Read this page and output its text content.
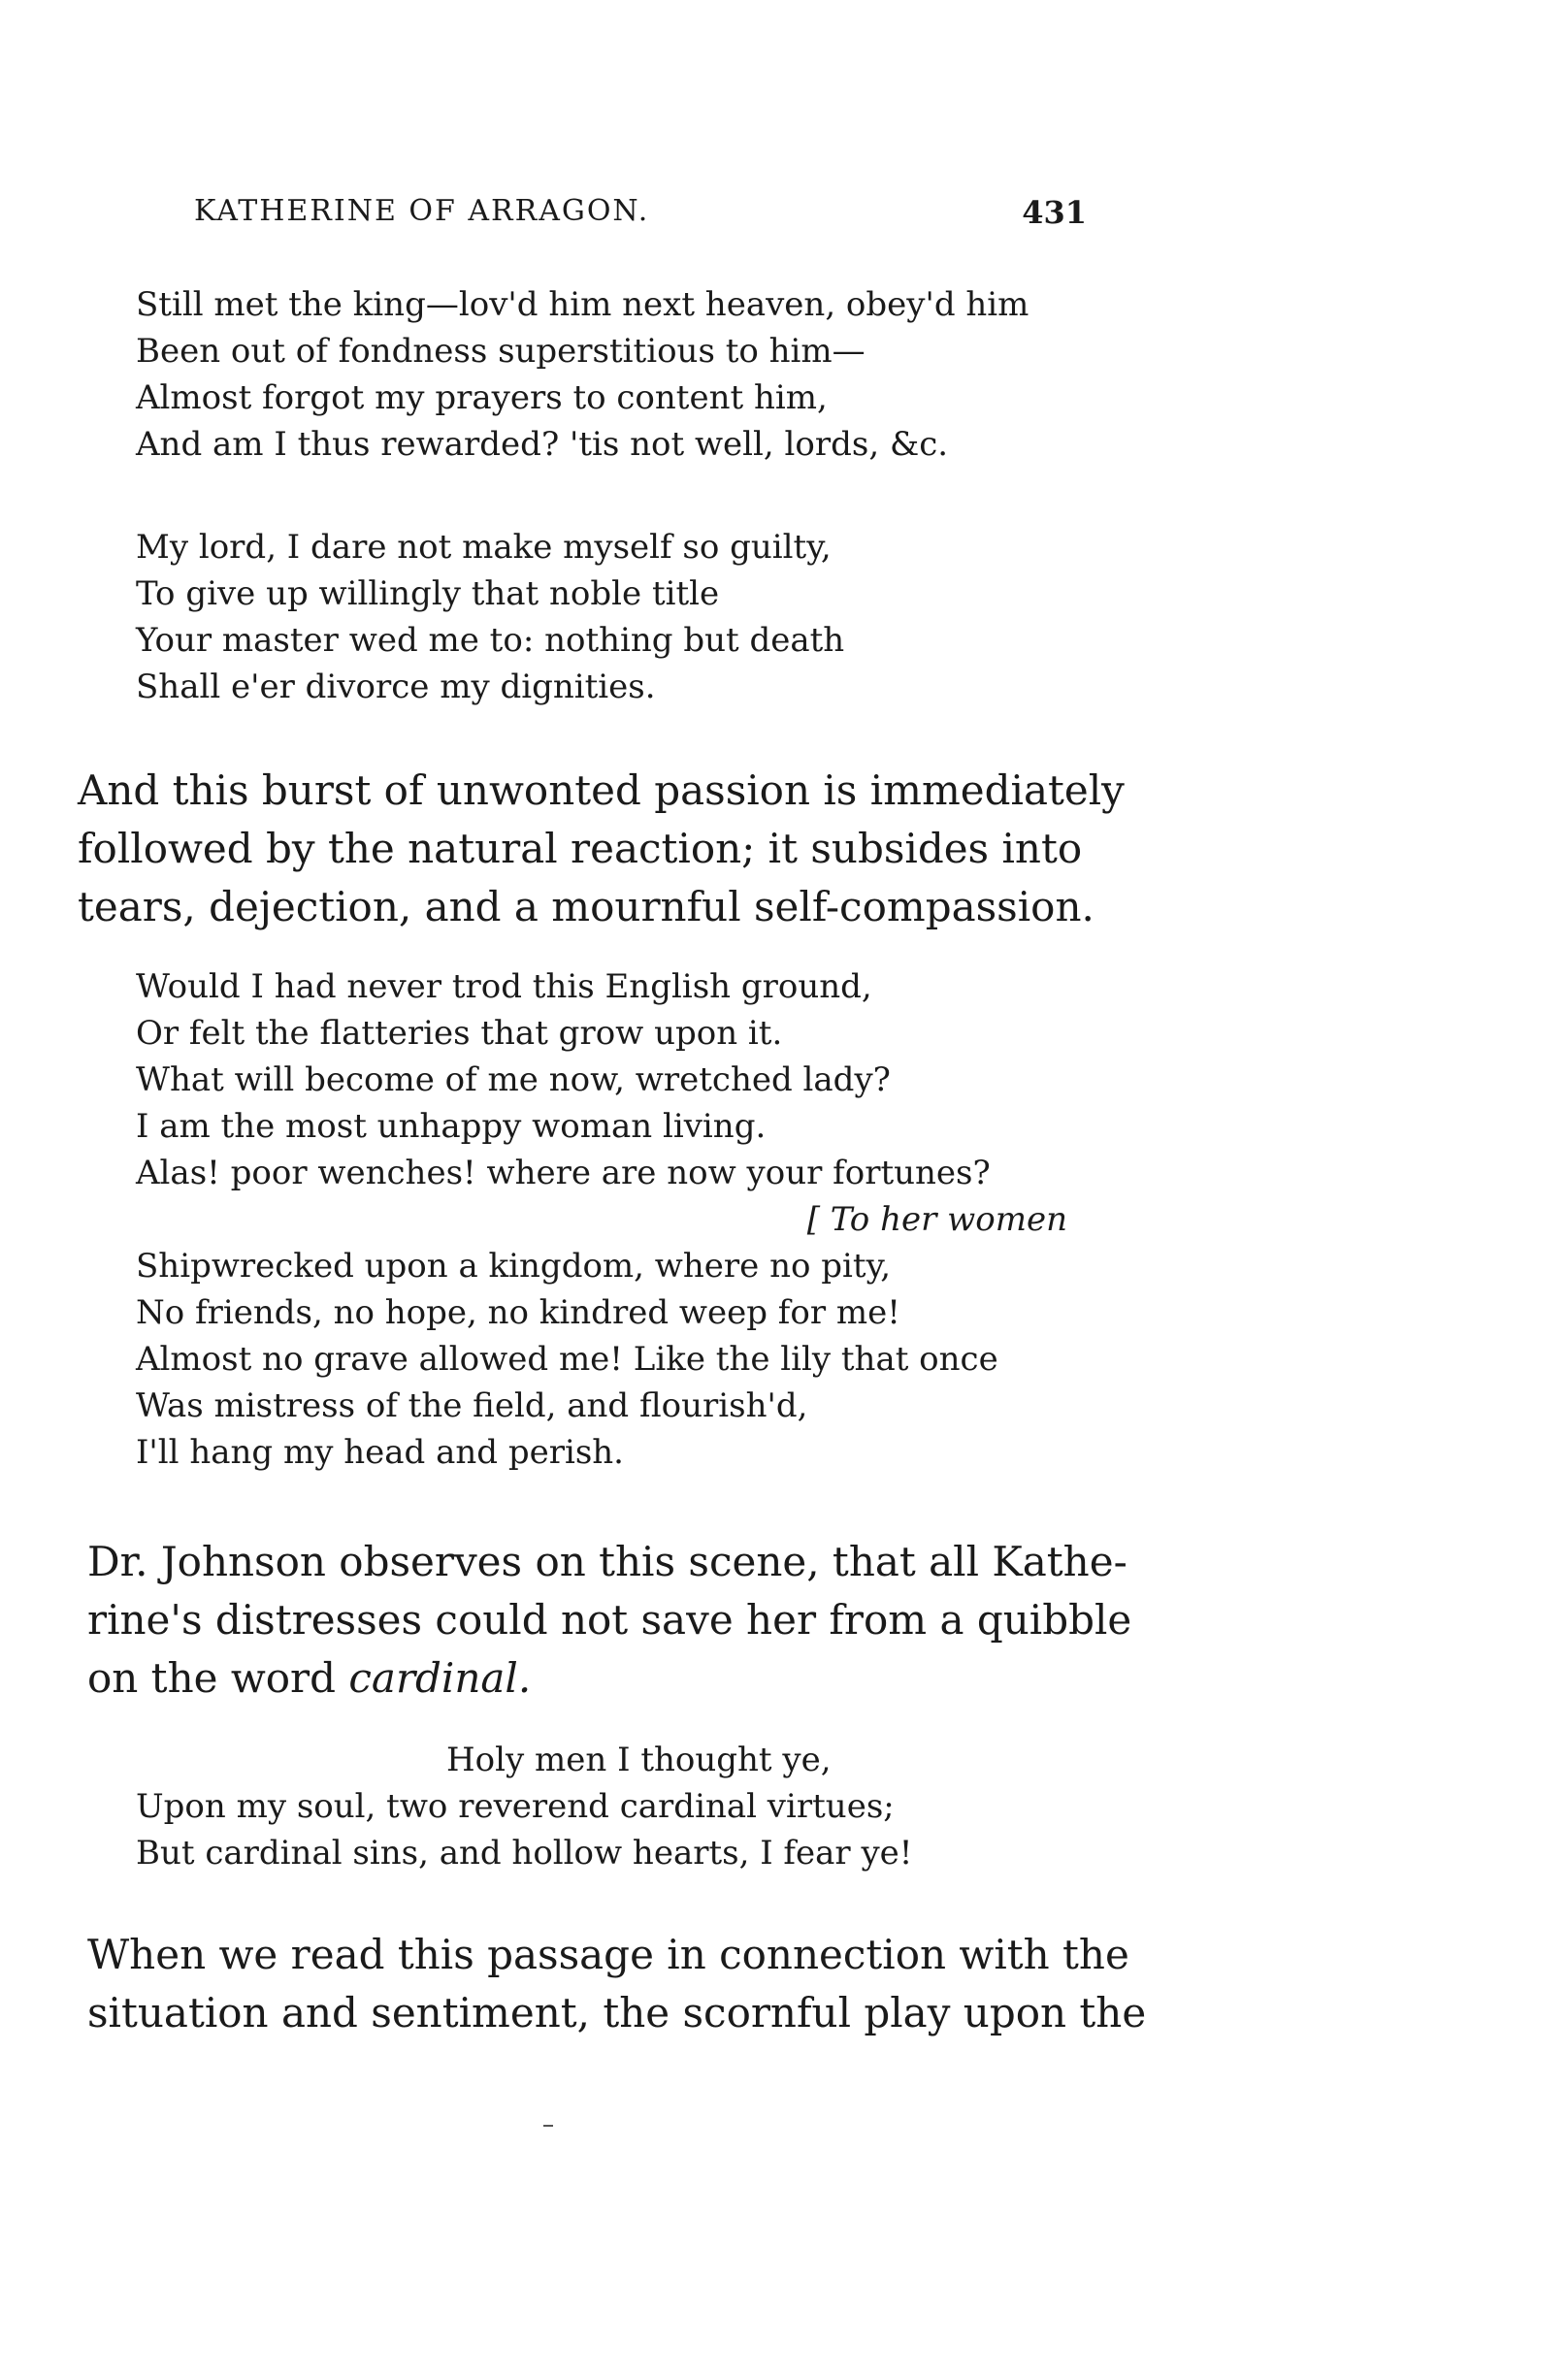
KATHERINE OF ARRAGON.	431
Still met the king—lov'd him next heaven, obey'd him
Been out of fondness superstitious to him—
Almost forgot my prayers to content him,
And am I thus rewarded? 'tis not well, lords, &c.
My lord, I dare not make myself so guilty,
To give up willingly that noble title
Your master wed me to: nothing but death
Shall e'er divorce my dignities.
And this burst of unwonted passion is immediately
followed by the natural reaction; it subsides into
tears, dejection, and a mournful self-compassion.
Would I had never trod this English ground,
Or felt the flatteries that grow upon it.
What will become of me now, wretched lady?
I am the most unhappy woman living.
Alas! poor wenches! where are now your fortunes?
[ To her women
Shipwrecked upon a kingdom, where no pity,
No friends, no hope, no kindred weep for me!
Almost no grave allowed me! Like the lily that once
Was mistress of the field, and flourish'd,
I'll hang my head and perish.
Dr. Johnson observes on this scene, that all Kathe-
rine's distresses could not save her from a quibble
on the word cardinal.
Holy men I thought ye,
Upon my soul, two reverend cardinal virtues;
But cardinal sins, and hollow hearts, I fear ye!
When we read this passage in connection with the
situation and sentiment, the scornful play upon the
